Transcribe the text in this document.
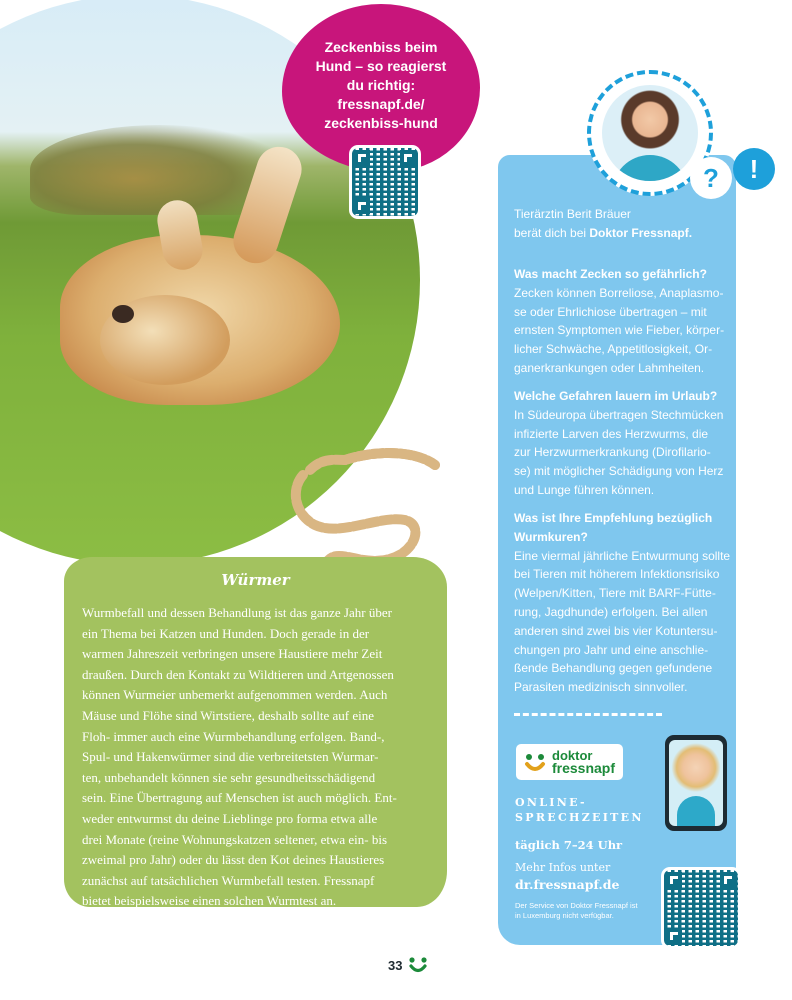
Zeckenbiss beim
Hund – so reagierst
du richtig:
fressnapf.de/
zeckenbiss-hund
Würmer
Wurmbefall und dessen Behandlung ist das ganze Jahr über
ein Thema bei Katzen und Hunden. Doch gerade in der
warmen Jahreszeit verbringen unsere Haustiere mehr Zeit
draußen. Durch den Kontakt zu Wildtieren und Artgenossen
können Wurmeier unbemerkt aufgenommen werden. Auch
Mäuse und Flöhe sind Wirtstiere, deshalb sollte auf eine
Floh- immer auch eine Wurmbehandlung erfolgen. Band-,
Spul- und Hakenwürmer sind die verbreitetsten Wurmar-
ten, unbehandelt können sie sehr gesundheitsschädigend
sein. Eine Übertragung auf Menschen ist auch möglich. Ent-
weder entwurmst du deine Lieblinge pro forma etwa alle
drei Monate (reine Wohnungskatzen seltener, etwa ein- bis
zweimal pro Jahr) oder du lässt den Kot deines Haustieres
zunächst auf tatsächlichen Wurmbefall testen. Fressnapf
bietet beispielsweise einen solchen Wurmtest an.
?	!
Tierärztin Berit Bräuer
berät dich bei Doktor Fressnapf.
Was macht Zecken so gefährlich?
Zecken können Borreliose, Anaplasmo-
se oder Ehrlichiose übertragen – mit
ernsten Symptomen wie Fieber, körper-
licher Schwäche, Appetitlosigkeit, Or-
ganerkrankungen oder Lahmheiten.
Welche Gefahren lauern im Urlaub?
In Südeuropa übertragen Stechmücken
infizierte Larven des Herzwurms, die
zur Herzwurmerkrankung (Dirofilario-
se) mit möglicher Schädigung von Herz
und Lunge führen können.
Was ist Ihre Empfehlung bezüglich
Wurmkuren?
Eine viermal jährliche Entwurmung sollte
bei Tieren mit höherem Infektionsrisiko
(Welpen/Kitten, Tiere mit BARF-Fütte-
rung, Jagdhunde) erfolgen. Bei allen
anderen sind zwei bis vier Kotuntersu-
chungen pro Jahr und eine anschlie-
ßende Behandlung gegen gefundene
Parasiten medizinisch sinnvoller.
doktor
fressnapf
ONLINE-
SPRECHZEITEN
täglich 7–24 Uhr
Mehr Infos unter
dr.fressnapf.de
Der Service von Doktor Fressnapf ist
in Luxemburg nicht verfügbar.
33
